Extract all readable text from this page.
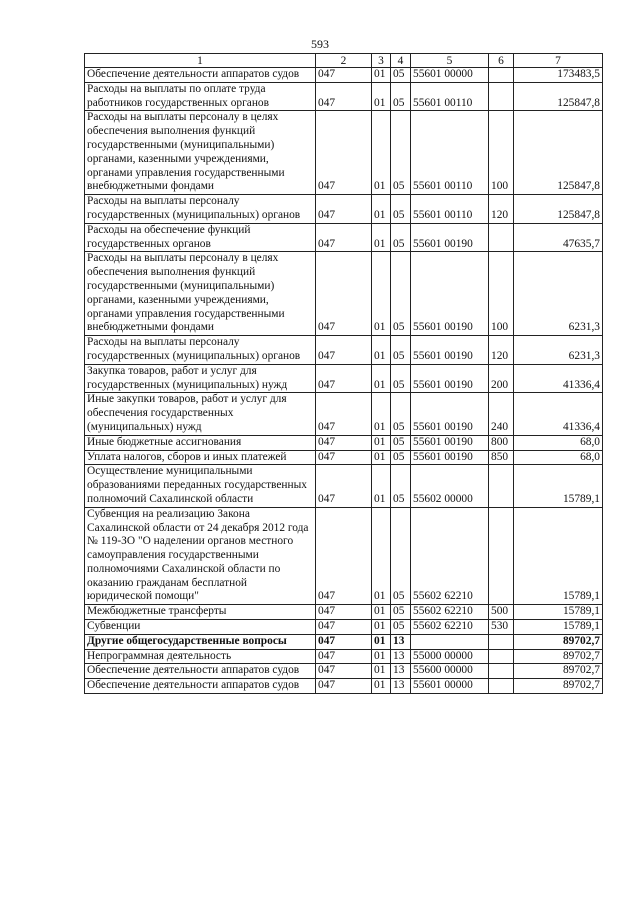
593
1	2	3	4	5	6	7
Обеспечение деятельности аппаратов судов	047	01	05	55601 00000		173483,5
Расходы на выплаты по оплате труда работников государственных органов	047	01	05	55601 00110		125847,8
Расходы на выплаты персоналу в целях обеспечения выполнения функций государственными (муниципальными) органами, казенными учреждениями, органами управления государственными внебюджетными фондами	047	01	05	55601 00110	100	125847,8
Расходы на выплаты персоналу государственных (муниципальных) органов	047	01	05	55601 00110	120	125847,8
Расходы на обеспечение функций государственных органов	047	01	05	55601 00190		47635,7
Расходы на выплаты персоналу в целях обеспечения выполнения функций государственными (муниципальными) органами, казенными учреждениями, органами управления государственными внебюджетными фондами	047	01	05	55601 00190	100	6231,3
Расходы на выплаты персоналу государственных (муниципальных) органов	047	01	05	55601 00190	120	6231,3
Закупка товаров, работ и услуг для государственных (муниципальных) нужд	047	01	05	55601 00190	200	41336,4
Иные закупки товаров, работ и услуг для обеспечения государственных (муниципальных) нужд	047	01	05	55601 00190	240	41336,4
Иные бюджетные ассигнования	047	01	05	55601 00190	800	68,0
Уплата налогов, сборов и иных платежей	047	01	05	55601 00190	850	68,0
Осуществление муниципальными образованиями переданных государственных полномочий Сахалинской области	047	01	05	55602 00000		15789,1
Субвенция на реализацию Закона Сахалинской области от 24 декабря 2012 года № 119-ЗО "О наделении органов местного самоуправления государственными полномочиями Сахалинской области по оказанию гражданам бесплатной юридической помощи"	047	01	05	55602 62210		15789,1
Межбюджетные трансферты	047	01	05	55602 62210	500	15789,1
Субвенции	047	01	05	55602 62210	530	15789,1
Другие общегосударственные вопросы	047	01	13			89702,7
Непрограммная деятельность	047	01	13	55000 00000		89702,7
Обеспечение деятельности аппаратов судов	047	01	13	55600 00000		89702,7
Обеспечение деятельности аппаратов судов	047	01	13	55601 00000		89702,7
